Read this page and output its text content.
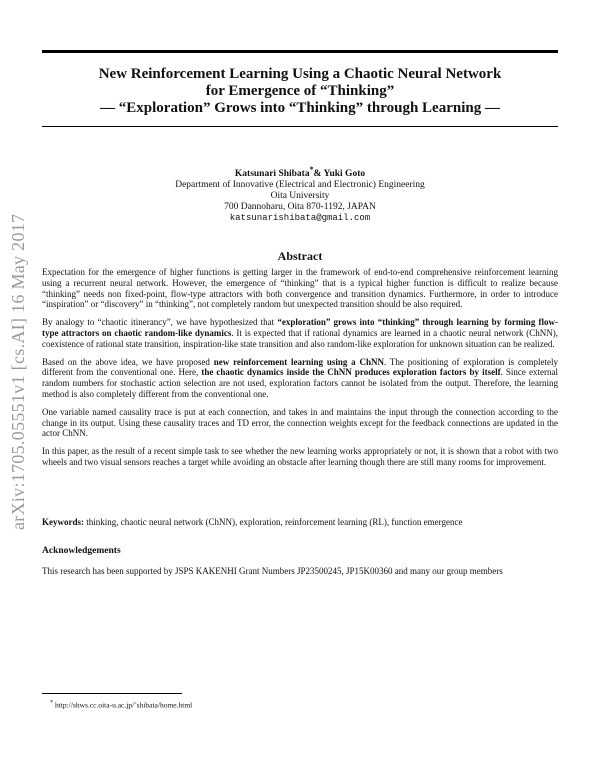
New Reinforcement Learning Using a Chaotic Neural Network
for Emergence of “Thinking”
— “Exploration” Grows into “Thinking” through Learning —
Katsunari Shibata*& Yuki Goto
Department of Innovative (Electrical and Electronic) Engineering
Oita University
700 Dannoharu, Oita 870-1192, JAPAN
katsunarishibata@gmail.com
Abstract

Expectation for the emergence of higher functions is getting larger in the framework of end-to-end comprehensive reinforcement learning using a recurrent neural network. However, the emergence of “thinking” that is a typical higher function is difficult to realize because “thinking” needs non fixed-point, flow-type attractors with both convergence and transition dynamics. Furthermore, in order to introduce “inspiration” or “discovery” in “thinking”, not completely random but unexpected transition should be also required.

By analogy to “chaotic itinerancy”, we have hypothesized that “exploration” grows into “thinking” through learning by forming flow-type attractors on chaotic random-like dynamics. It is expected that if rational dynamics are learned in a chaotic neural network (ChNN), coexistence of rational state transition, inspiration-like state transition and also random-like exploration for unknown situation can be realized.

Based on the above idea, we have proposed new reinforcement learning using a ChNN. The positioning of exploration is completely different from the conventional one. Here, the chaotic dynamics inside the ChNN produces exploration factors by itself. Since external random numbers for stochastic action selection are not used, exploration factors cannot be isolated from the output. Therefore, the learning method is also completely different from the conventional one.

One variable named causality trace is put at each connection, and takes in and maintains the input through the connection according to the change in its output. Using these causality traces and TD error, the connection weights except for the feedback connections are updated in the actor ChNN.

In this paper, as the result of a recent simple task to see whether the new learning works appropriately or not, it is shown that a robot with two wheels and two visual sensors reaches a target while avoiding an obstacle after learning though there are still many rooms for improvement.

Keywords: thinking, chaotic neural network (ChNN), exploration, reinforcement learning (RL), function emergence
Acknowledgements
This research has been supported by JSPS KAKENHI Grant Numbers JP23500245, JP15K00360 and many our group members
* http://shws.cc.oita-u.ac.jp/˜shibata/home.html
arXiv:1705.05551v1 [cs.AI] 16 May 2017
